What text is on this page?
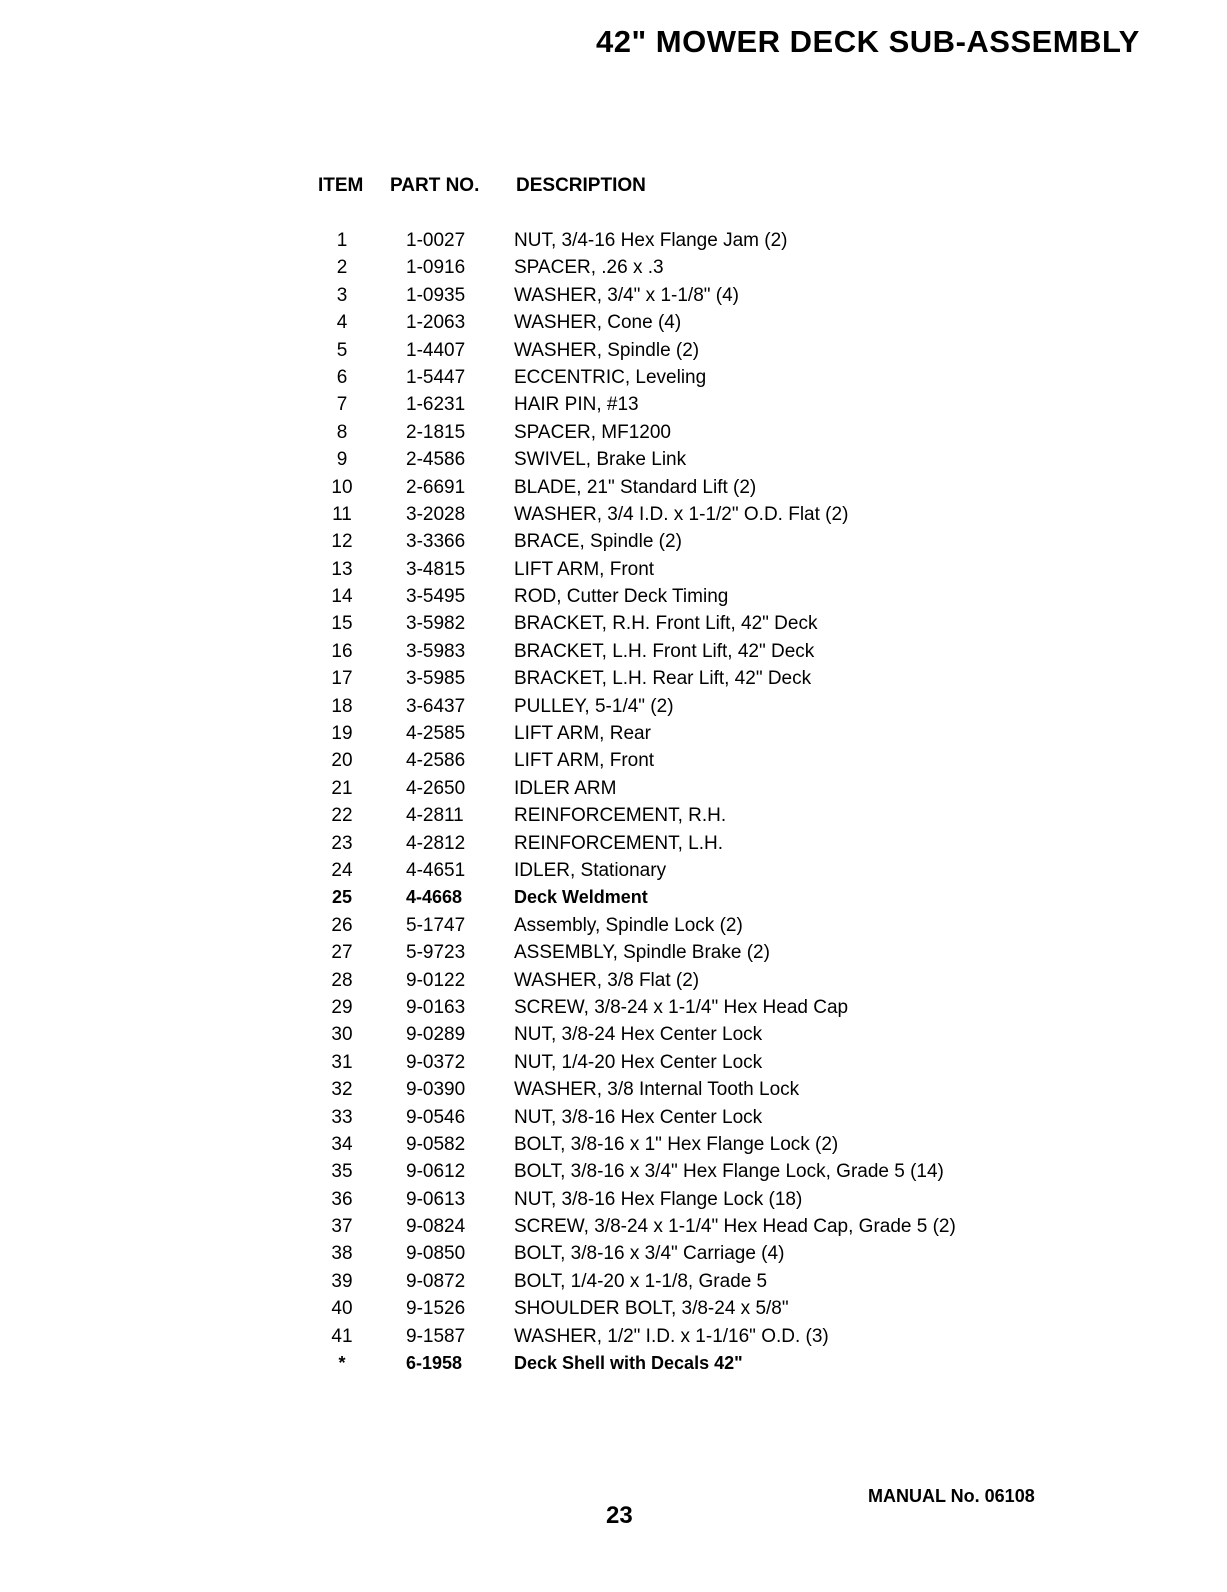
42" MOWER DECK SUB-ASSEMBLY
ITEM PART NO. DESCRIPTION
1	1-0027	NUT, 3/4-16 Hex Flange Jam (2)
2	1-0916	SPACER, .26 x .3
3	1-0935	WASHER, 3/4" x 1-1/8" (4)
4	1-2063	WASHER, Cone (4)
5	1-4407	WASHER, Spindle (2)
6	1-5447	ECCENTRIC, Leveling
7	1-6231	HAIR PIN, #13
8	2-1815	SPACER, MF1200
9	2-4586	SWIVEL, Brake Link
10	2-6691	BLADE, 21" Standard Lift (2)
11	3-2028	WASHER, 3/4 I.D. x 1-1/2" O.D. Flat (2)
12	3-3366	BRACE, Spindle (2)
13	3-4815	LIFT ARM, Front
14	3-5495	ROD, Cutter Deck Timing
15	3-5982	BRACKET, R.H. Front Lift, 42" Deck
16	3-5983	BRACKET, L.H. Front Lift, 42" Deck
17	3-5985	BRACKET, L.H. Rear Lift, 42" Deck
18	3-6437	PULLEY, 5-1/4" (2)
19	4-2585	LIFT ARM, Rear
20	4-2586	LIFT ARM, Front
21	4-2650	IDLER ARM
22	4-2811	REINFORCEMENT, R.H.
23	4-2812	REINFORCEMENT, L.H.
24	4-4651	IDLER, Stationary
25	4-4668	Deck Weldment
26	5-1747	Assembly, Spindle Lock (2)
27	5-9723	ASSEMBLY, Spindle Brake (2)
28	9-0122	WASHER, 3/8 Flat (2)
29	9-0163	SCREW, 3/8-24 x 1-1/4" Hex Head Cap
30	9-0289	NUT, 3/8-24 Hex Center Lock
31	9-0372	NUT, 1/4-20 Hex Center Lock
32	9-0390	WASHER, 3/8 Internal Tooth Lock
33	9-0546	NUT, 3/8-16 Hex Center Lock
34	9-0582	BOLT, 3/8-16 x 1" Hex Flange Lock (2)
35	9-0612	BOLT, 3/8-16 x 3/4" Hex Flange Lock, Grade 5 (14)
36	9-0613	NUT, 3/8-16 Hex Flange Lock (18)
37	9-0824	SCREW, 3/8-24 x 1-1/4" Hex Head Cap, Grade 5 (2)
38	9-0850	BOLT, 3/8-16 x 3/4" Carriage (4)
39	9-0872	BOLT, 1/4-20 x 1-1/8, Grade 5
40	9-1526	SHOULDER BOLT, 3/8-24 x 5/8"
41	9-1587	WASHER, 1/2" I.D. x 1-1/16" O.D. (3)
*	6-1958	Deck Shell with Decals 42"
MANUAL No. 06108
23
